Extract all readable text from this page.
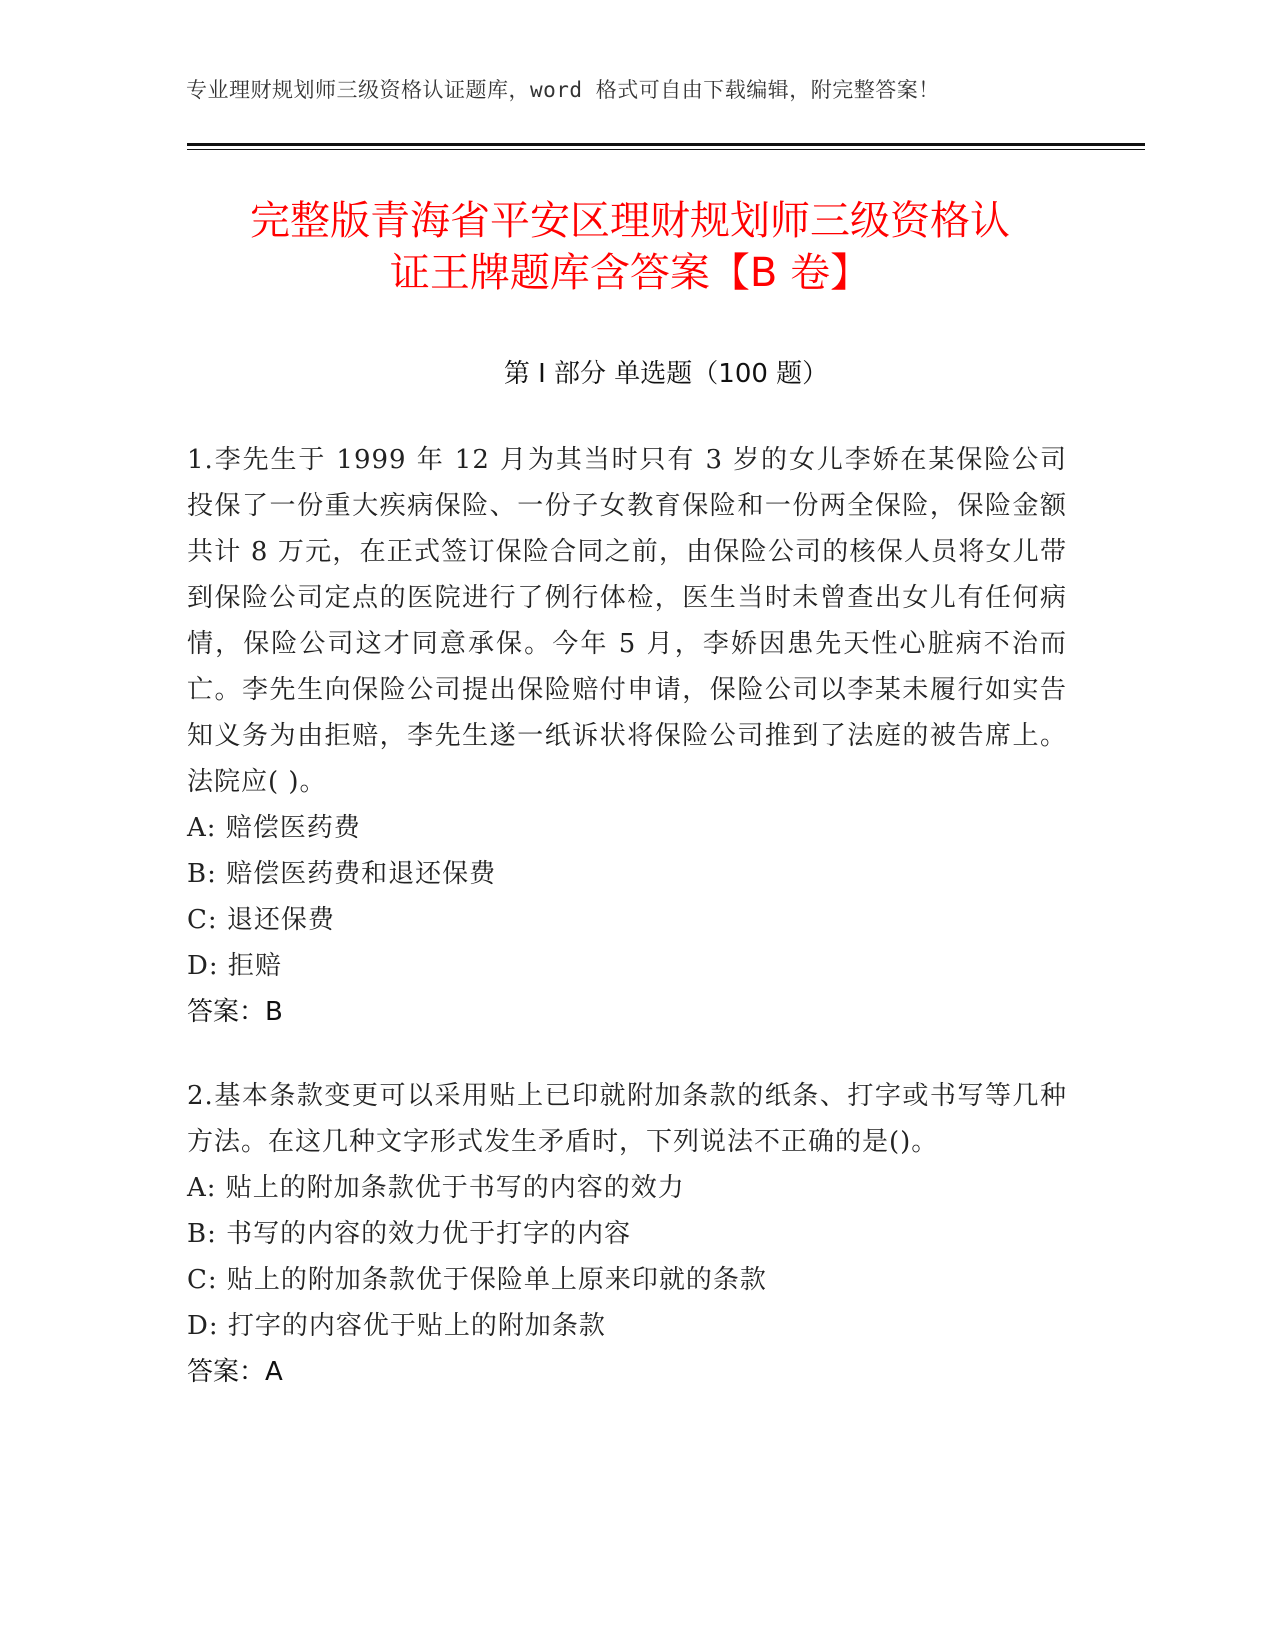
专业理财规划师三级资格认证题库，word 格式可自由下载编辑，附完整答案！
完整版青海省平安区理财规划师三级资格认
证王牌题库含答案【B 卷】
第 I 部分 单选题（100 题）

1.李先生于 1999 年 12 月为其当时只有 3 岁的女儿李娇在某保险公司投保了一份重大疾病保险、一份子女教育保险和一份两全保险，保险金额共计 8 万元，在正式签订保险合同之前，由保险公司的核保人员将女儿带到保险公司定点的医院进行了例行体检，医生当时未曾查出女儿有任何病情，保险公司这才同意承保。今年 5 月，李娇因患先天性心脏病不治而亡。李先生向保险公司提出保险赔付申请，保险公司以李某未履行如实告知义务为由拒赔，李先生遂一纸诉状将保险公司推到了法庭的被告席上。法院应( )。

A: 赔偿医药费

B: 赔偿医药费和退还保费

C: 退还保费

D: 拒赔

答案：B

2.基本条款变更可以采用贴上已印就附加条款的纸条、打字或书写等几种方法。在这几种文字形式发生矛盾时，下列说法不正确的是()。

A: 贴上的附加条款优于书写的内容的效力

B: 书写的内容的效力优于打字的内容

C: 贴上的附加条款优于保险单上原来印就的条款

D: 打字的内容优于贴上的附加条款

答案：A
